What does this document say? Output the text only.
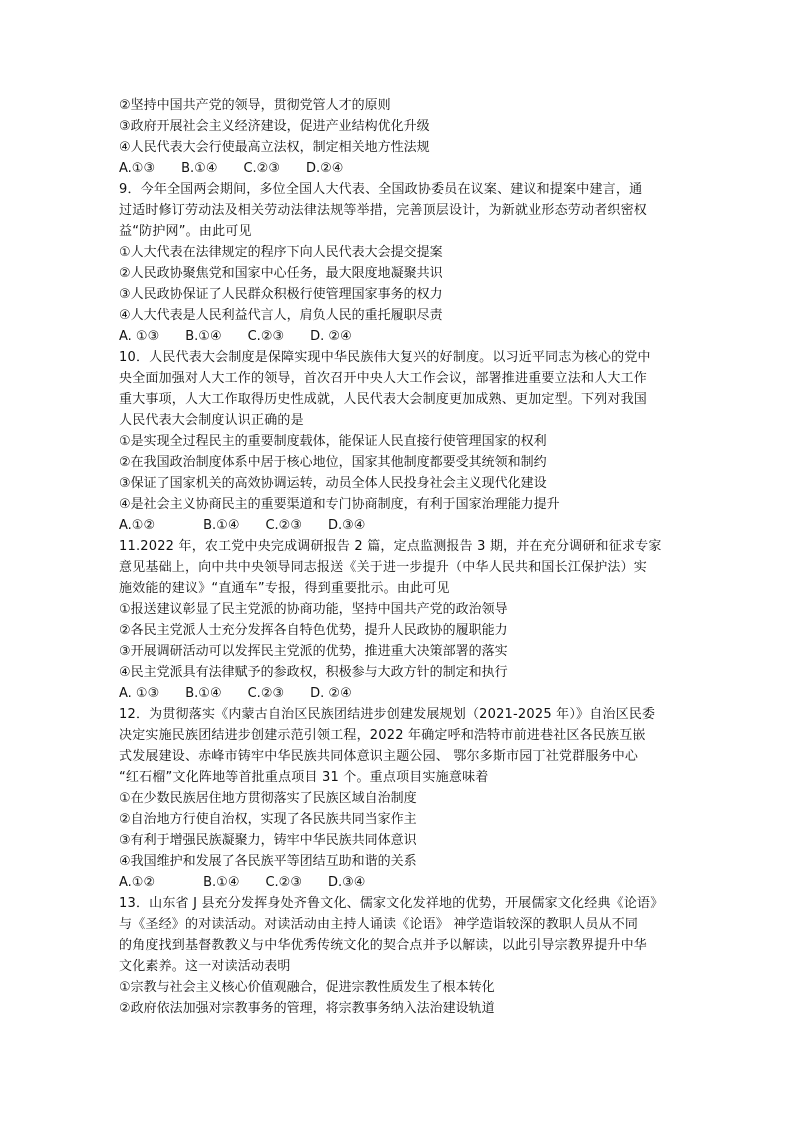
②坚持中国共产党的领导，贯彻党管人才的原则
③政府开展社会主义经济建设，促进产业结构优化升级
④人民代表大会行使最高立法权，制定相关地方性法规
A.①③ B.①④ C.②③ D.②④
9．今年全国两会期间，多位全国人大代表、全国政协委员在议案、建议和提案中建言，通
过适时修订劳动法及相关劳动法律法规等举措，完善顶层设计，为新就业形态劳动者织密权
益“防护网”。由此可见
①人大代表在法律规定的程序下向人民代表大会提交提案
②人民政协聚焦党和国家中心任务，最大限度地凝聚共识
③人民政协保证了人民群众积极行使管理国家事务的权力
④人大代表是人民利益代言人，肩负人民的重托履职尽责
A. ①③ B.①④ C.②③ D. ②④
10．人民代表大会制度是保障实现中华民族伟大复兴的好制度。以习近平同志为核心的党中
央全面加强对人大工作的领导，首次召开中央人大工作会议，部署推进重要立法和人大工作
重大事项，人大工作取得历史性成就，人民代表大会制度更加成熟、更加定型。下列对我国
人民代表大会制度认识正确的是
①是实现全过程民主的重要制度载体，能保证人民直接行使管理国家的权利
②在我国政治制度体系中居于核心地位，国家其他制度都要受其统领和制约
③保证了国家机关的高效协调运转，动员全体人民投身社会主义现代化建设
④是社会主义协商民主的重要渠道和专门协商制度，有利于国家治理能力提升
A.①②	B.①④ C.②③ D.③④
11.2022 年，农工党中央完成调研报告 2 篇，定点监测报告 3 期，并在充分调研和征求专家
意见基础上，向中共中央领导同志报送《关于进一步提升（中华人民共和国长江保护法）实
施效能的建议》“直通车”专报，得到重要批示。由此可见
①报送建议彰显了民主党派的协商功能，坚持中国共产党的政治领导
②各民主党派人士充分发挥各自特色优势，提升人民政协的履职能力
③开展调研活动可以发挥民主党派的优势，推进重大决策部署的落实
④民主党派具有法律赋予的参政权，积极参与大政方针的制定和执行
A. ①③ B.①④ C.②③ D. ②④
12．为贯彻落实《内蒙古自治区民族团结进步创建发展规划（2021-2025 年）》自治区民委
决定实施民族团结进步创建示范引领工程，2022 年确定呼和浩特市前进巷社区各民族互嵌
式发展建设、赤峰市铸牢中华民族共同体意识主题公园、 鄂尔多斯市园丁社党群服务中心
“红石榴”文化阵地等首批重点项目 31 个。重点项目实施意味着
①在少数民族居住地方贯彻落实了民族区域自治制度
②自治地方行使自治权，实现了各民族共同当家作主
③有利于增强民族凝聚力，铸牢中华民族共同体意识
④我国维护和发展了各民族平等团结互助和谐的关系
A.①②	B.①④ C.②③ D.③④
13．山东省 J 县充分发挥身处齐鲁文化、儒家文化发祥地的优势，开展儒家文化经典《论语》
与《圣经》的对读活动。对读活动由主持人诵读《论语》 神学造诣较深的教职人员从不同
的角度找到基督教教义与中华优秀传统文化的契合点并予以解读，以此引导宗教界提升中华
文化素养。这一对读活动表明
①宗教与社会主义核心价值观融合，促进宗教性质发生了根本转化
②政府依法加强对宗教事务的管理，将宗教事务纳入法治建设轨道
